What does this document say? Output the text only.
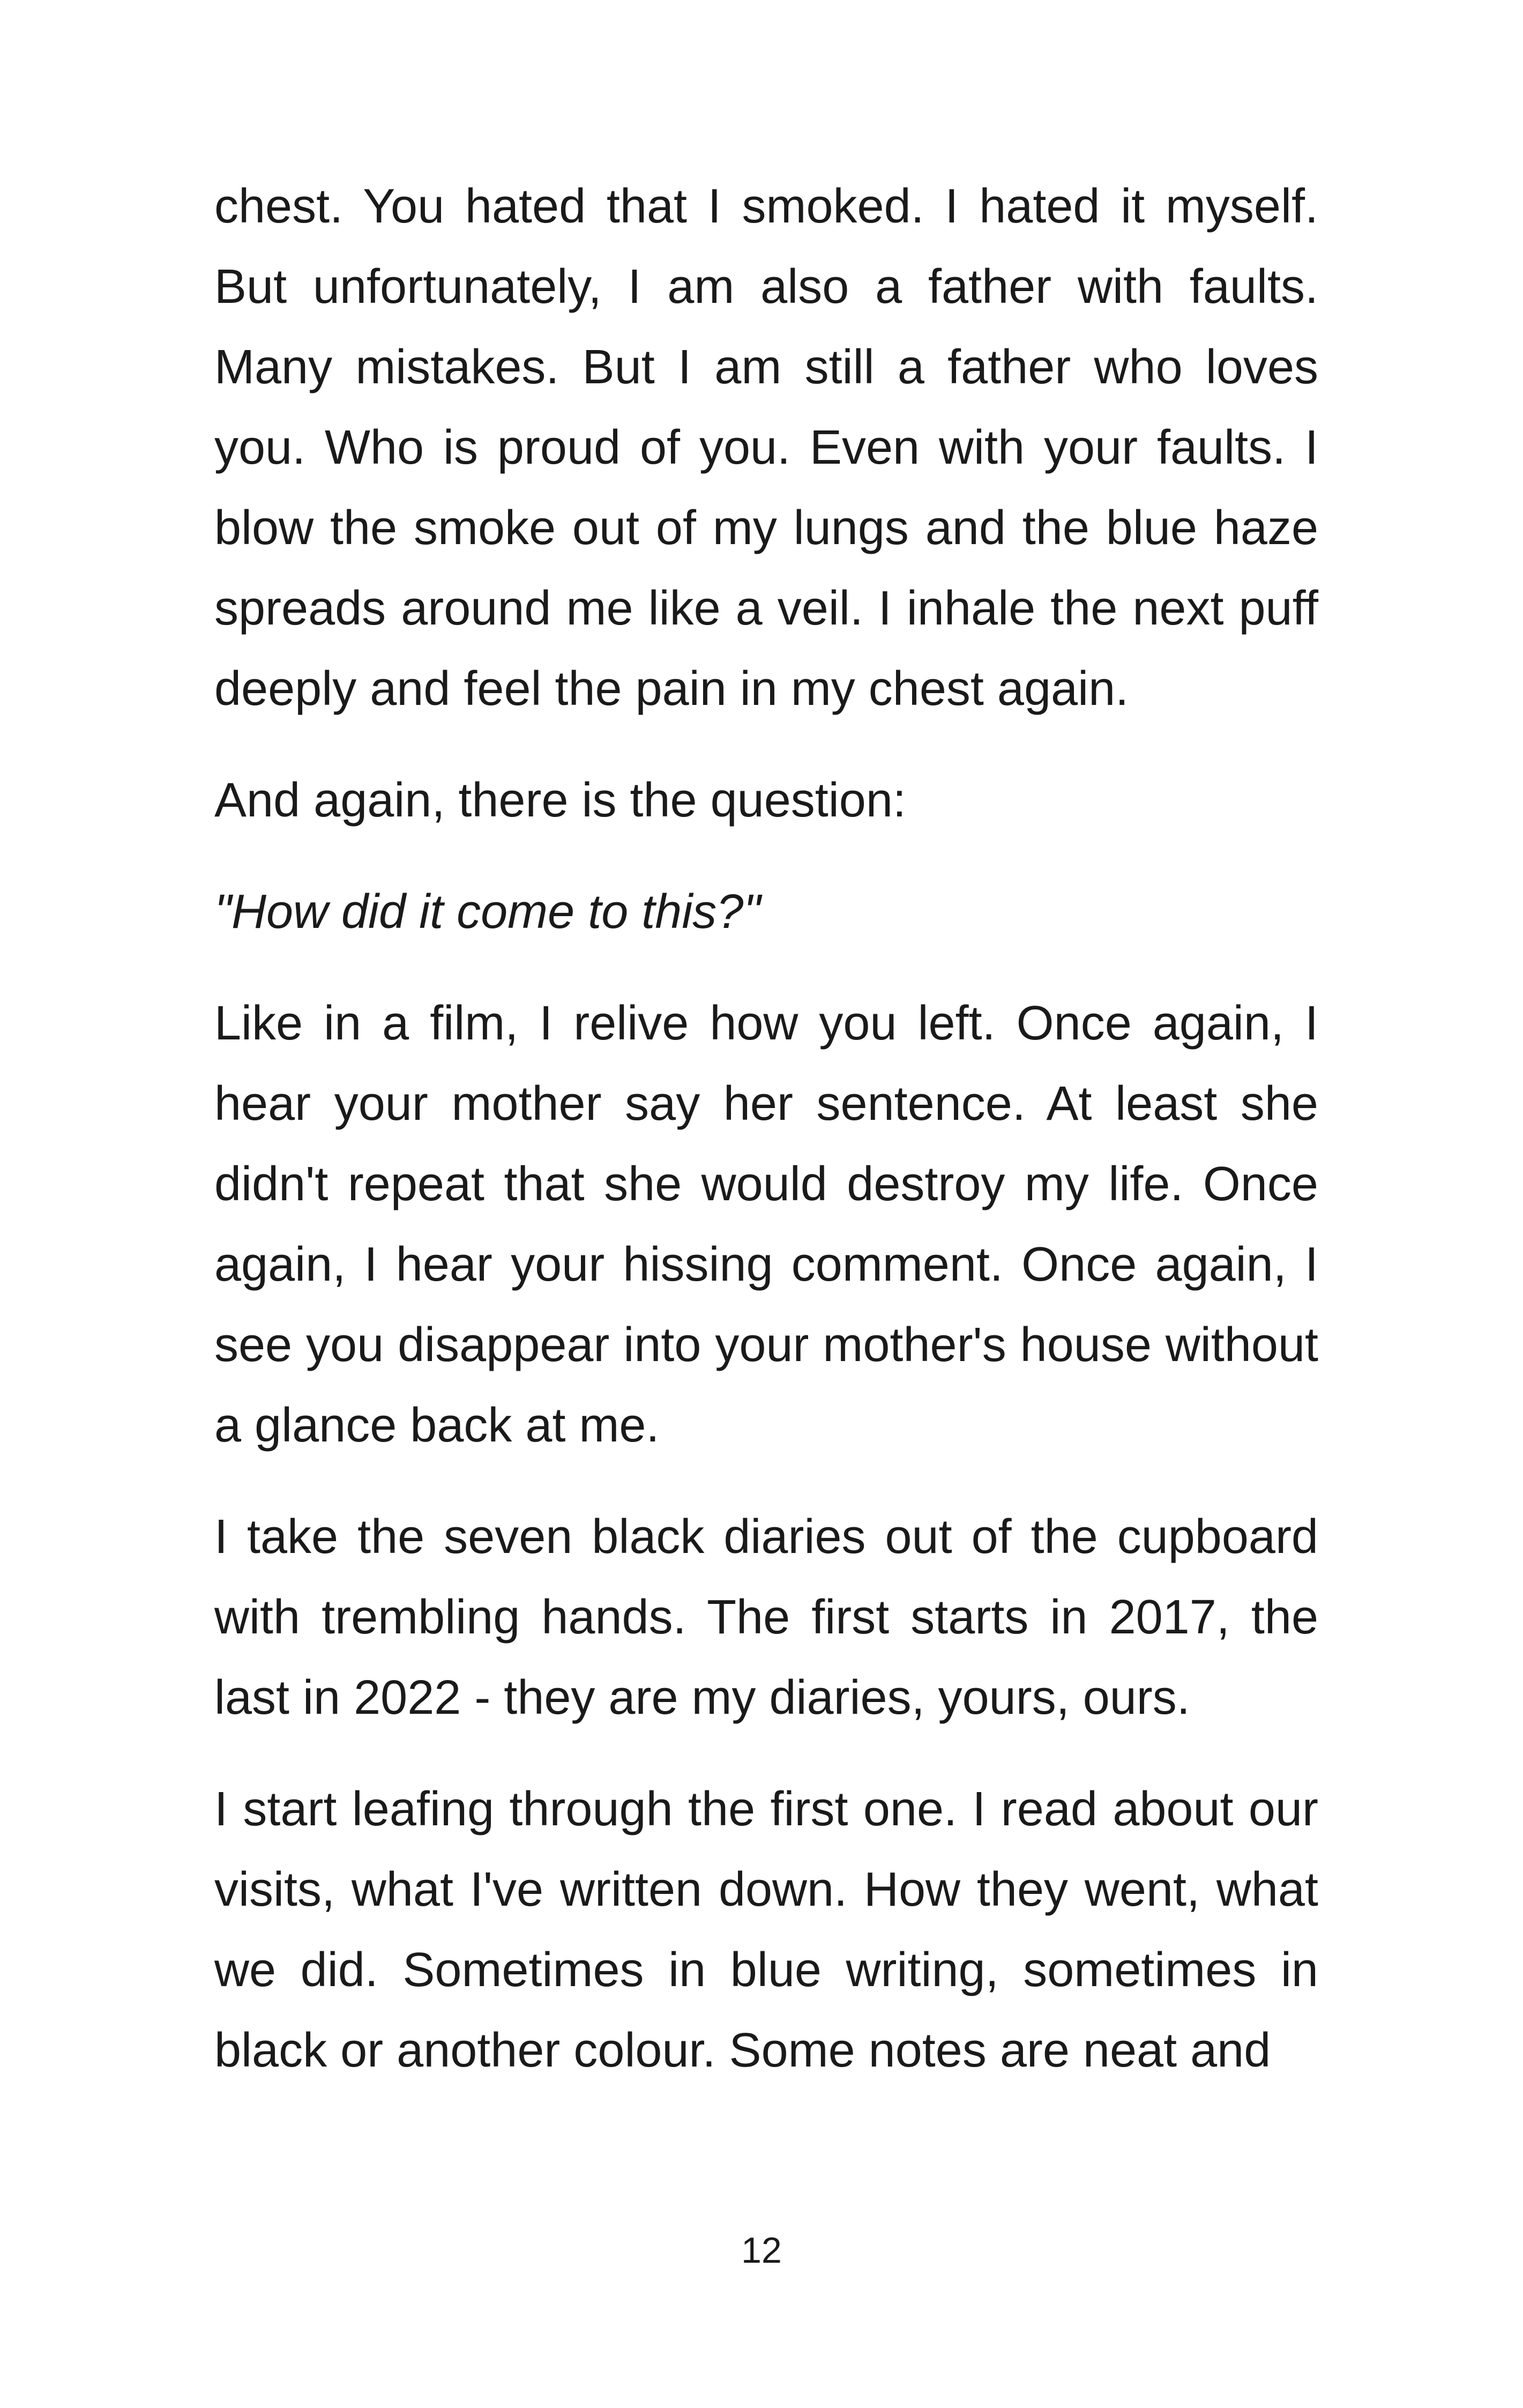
chest. You hated that I smoked. I hated it myself. But unfortunately, I am also a father with faults. Many mistakes. But I am still a father who loves you. Who is proud of you. Even with your faults. I blow the smoke out of my lungs and the blue haze spreads around me like a veil. I inhale the next puff deeply and feel the pain in my chest again.

And again, there is the question:

"How did it come to this?"

Like in a film, I relive how you left. Once again, I hear your mother say her sentence. At least she didn't repeat that she would destroy my life. Once again, I hear your hissing comment. Once again, I see you disappear into your mother's house without a glance back at me.

I take the seven black diaries out of the cupboard with trembling hands. The first starts in 2017, the last in 2022 - they are my diaries, yours, ours.

I start leafing through the first one. I read about our visits, what I've written down. How they went, what we did. Sometimes in blue writing, sometimes in black or another colour. Some notes are neat and

12
